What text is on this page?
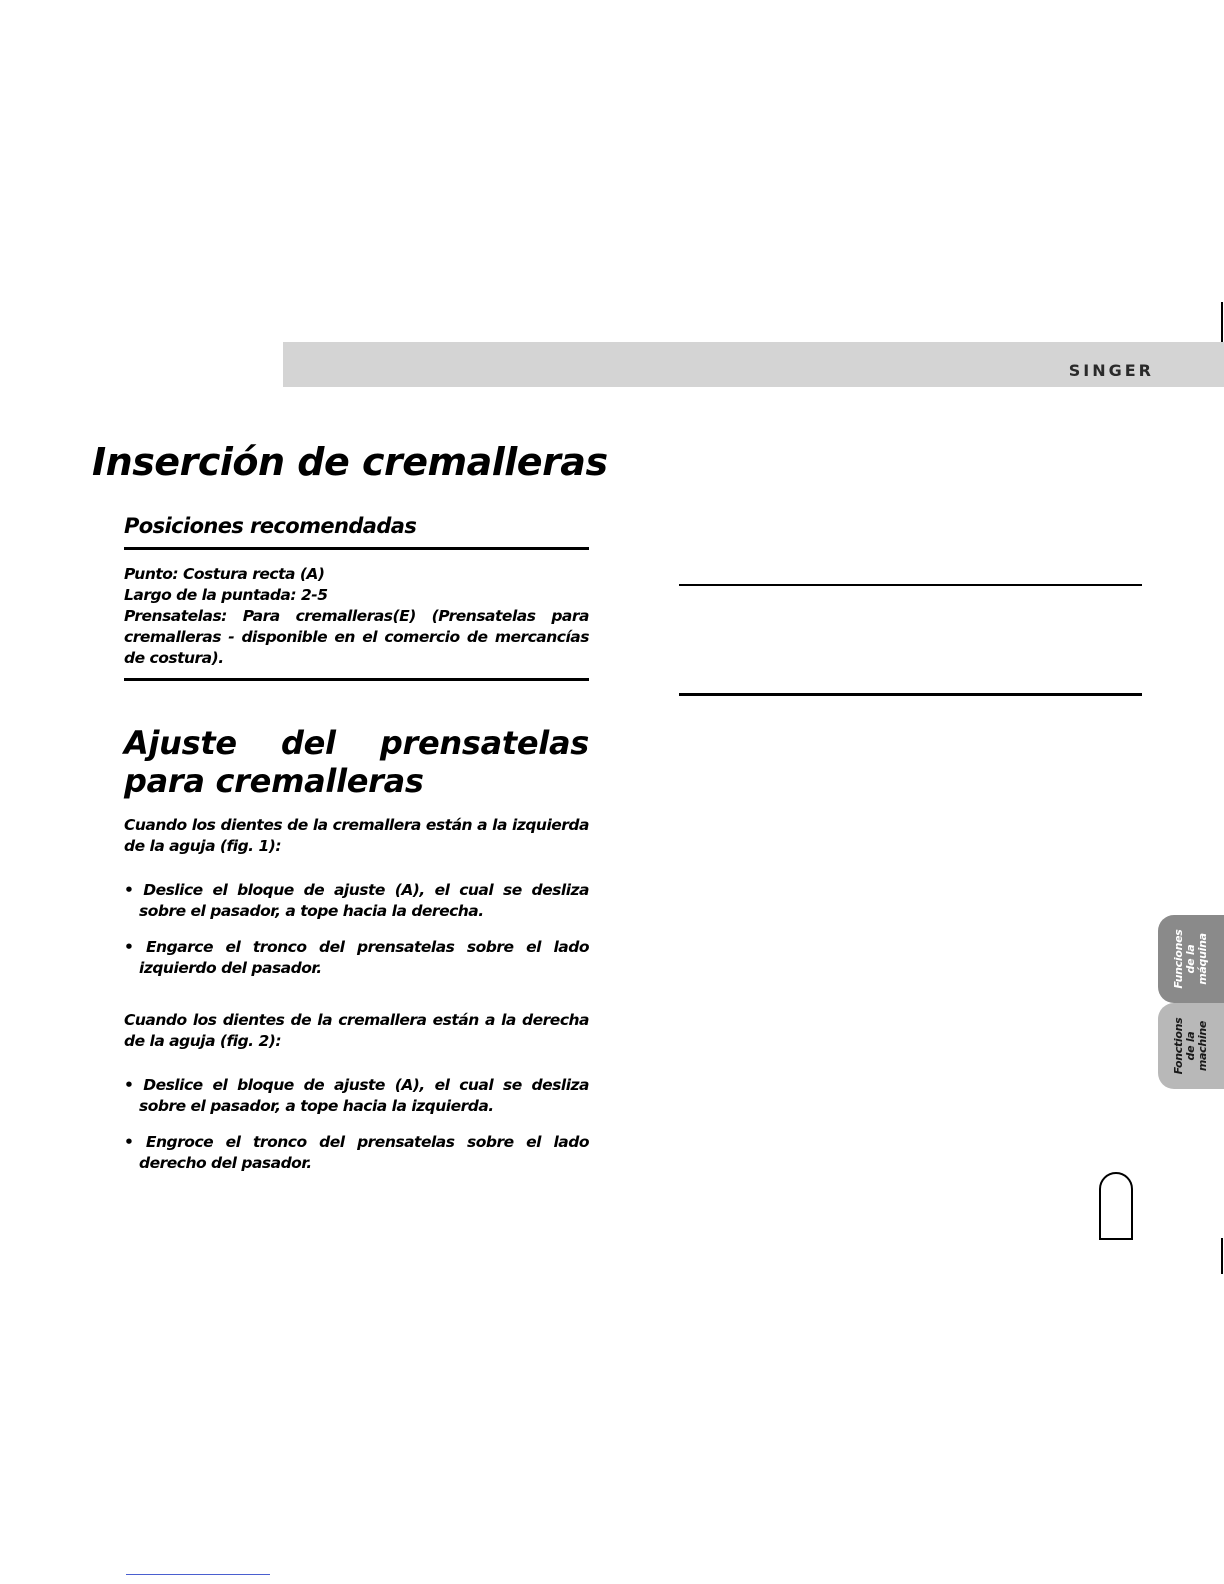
SINGER
Inserción de cremalleras
Posiciones recomendadas

Punto: Costura recta (A)

Largo de la puntada: 2-5

Prensatelas: Para cremalleras(E) (Prensatelas para cremalleras - disponible en el comercio de mercancías de costura).

Ajuste del prensatelas para cremalleras

Cuando los dientes de la cremallera están a la izquierda de la aguja (fig. 1):

• Deslice el bloque de ajuste (A), el cual se desliza sobre el pasador, a tope hacia la derecha.

• Engarce el tronco del prensatelas sobre el lado izquierdo del pasador.

Cuando los dientes de la cremallera están a la derecha de la aguja (fig. 2):

• Deslice el bloque de ajuste (A), el cual se desliza sobre el pasador, a tope hacia la izquierda.

• Engroce el tronco del prensatelas sobre el lado derecho del pasador.

Funciones de la máquina
Fonctions de la machine
